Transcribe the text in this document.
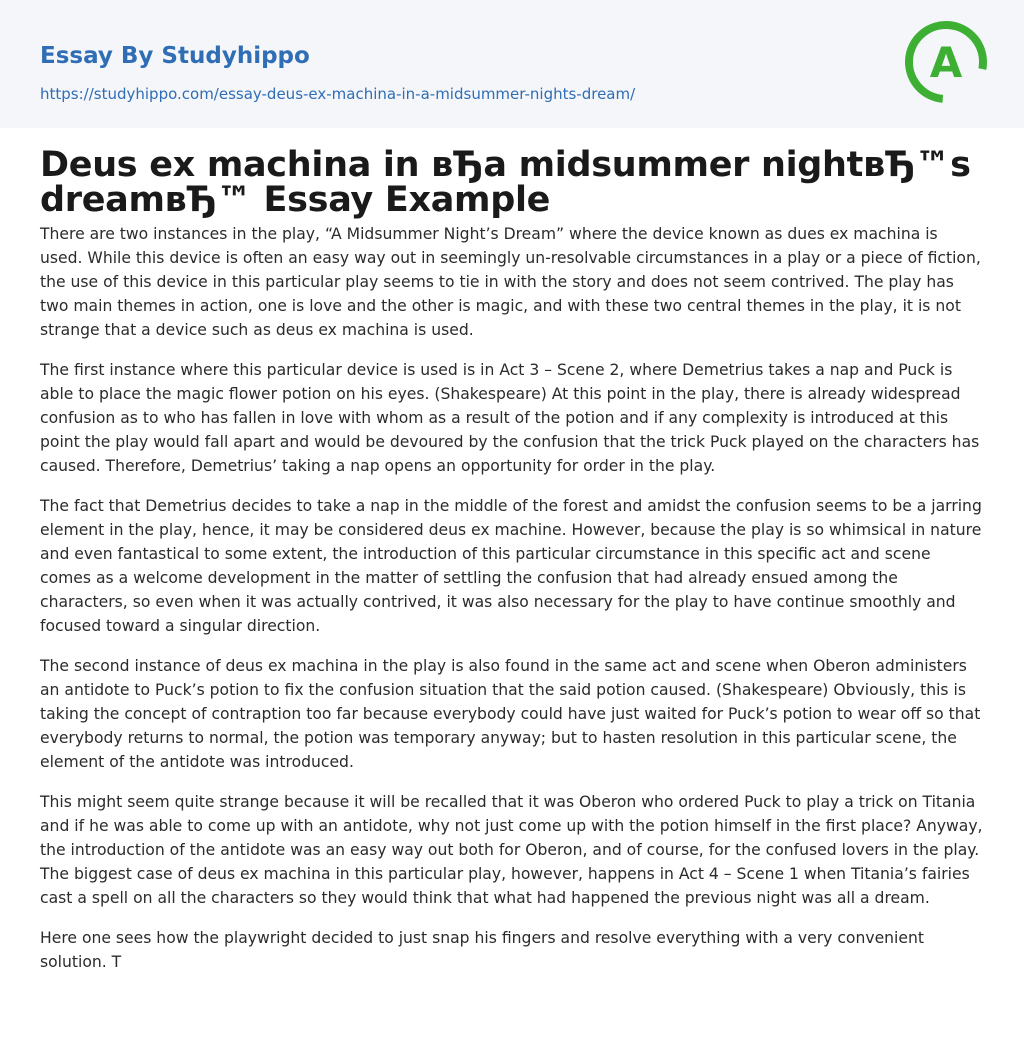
Essay By Studyhippo
https://studyhippo.com/essay-deus-ex-machina-in-a-midsummer-nights-dream/
A
Deus ex machina in вЂa midsummer nightвЂ™s dreamвЂ™ Essay Example

There are two instances in the play, “A Midsummer Night’s Dream” where the device known as dues ex machina is used. While this device is often an easy way out in seemingly un-resolvable circumstances in a play or a piece of fiction, the use of this device in this particular play seems to tie in with the story and does not seem contrived. The play has two main themes in action, one is love and the other is magic, and with these two central themes in the play, it is not strange that a device such as deus ex machina is used.

The first instance where this particular device is used is in Act 3 – Scene 2, where Demetrius takes a nap and Puck is able to place the magic flower potion on his eyes. (Shakespeare) At this point in the play, there is already widespread confusion as to who has fallen in love with whom as a result of the potion and if any complexity is introduced at this point the play would fall apart and would be devoured by the confusion that the trick Puck played on the characters has caused. Therefore, Demetrius’ taking a nap opens an opportunity for order in the play.

The fact that Demetrius decides to take a nap in the middle of the forest and amidst the confusion seems to be a jarring element in the play, hence, it may be considered deus ex machine. However, because the play is so whimsical in nature and even fantastical to some extent, the introduction of this particular circumstance in this specific act and scene comes as a welcome development in the matter of settling the confusion that had already ensued among the characters, so even when it was actually contrived, it was also necessary for the play to have continue smoothly and focused toward a singular direction.

The second instance of deus ex machina in the play is also found in the same act and scene when Oberon administers an antidote to Puck’s potion to fix the confusion situation that the said potion caused. (Shakespeare) Obviously, this is taking the concept of contraption too far because everybody could have just waited for Puck’s potion to wear off so that everybody returns to normal, the potion was temporary anyway; but to hasten resolution in this particular scene, the element of the antidote was introduced.

This might seem quite strange because it will be recalled that it was Oberon who ordered Puck to play a trick on Titania and if he was able to come up with an antidote, why not just come up with the potion himself in the first place? Anyway, the introduction of the antidote was an easy way out both for Oberon, and of course, for the confused lovers in the play. The biggest case of deus ex machina in this particular play, however, happens in Act 4 – Scene 1 when Titania’s fairies cast a spell on all the characters so they would think that what had happened the previous night was all a dream.

Here one sees how the playwright decided to just snap his fingers and resolve everything with a very convenient solution. T
